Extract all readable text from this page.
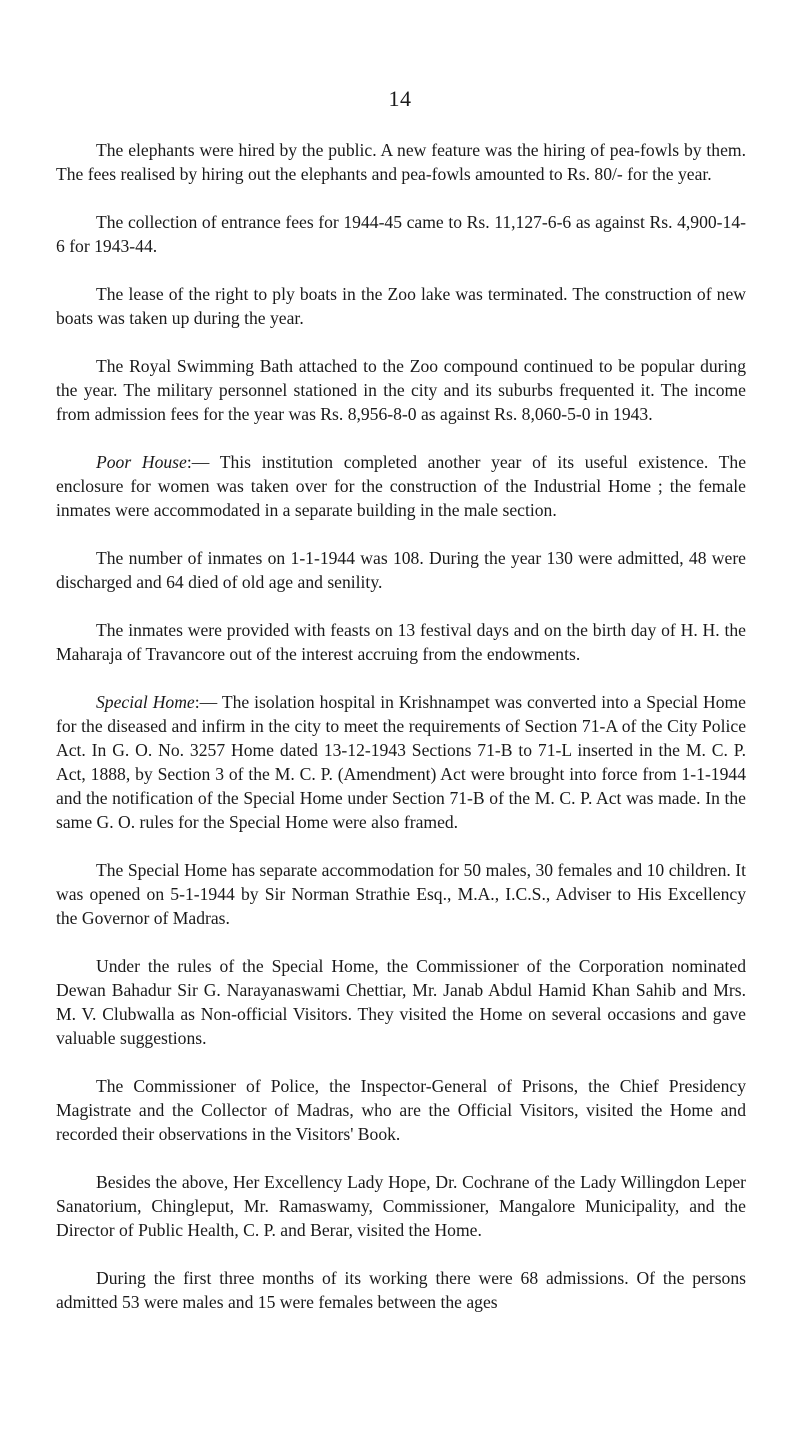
14

The elephants were hired by the public. A new feature was the hiring of pea-fowls by them. The fees realised by hiring out the elephants and pea-fowls amounted to Rs. 80/- for the year.

The collection of entrance fees for 1944-45 came to Rs. 11,127-6-6 as against Rs. 4,900-14-6 for 1943-44.

The lease of the right to ply boats in the Zoo lake was terminated. The construction of new boats was taken up during the year.

The Royal Swimming Bath attached to the Zoo compound continued to be popular during the year. The military personnel stationed in the city and its suburbs frequented it. The income from admission fees for the year was Rs. 8,956-8-0 as against Rs. 8,060-5-0 in 1943.

Poor House:— This institution completed another year of its useful existence. The enclosure for women was taken over for the construction of the Industrial Home ; the female inmates were accommodated in a separate building in the male section.

The number of inmates on 1-1-1944 was 108. During the year 130 were admitted, 48 were discharged and 64 died of old age and senility.

The inmates were provided with feasts on 13 festival days and on the birth day of H. H. the Maharaja of Travancore out of the interest accruing from the endowments.

Special Home:— The isolation hospital in Krishnampet was converted into a Special Home for the diseased and infirm in the city to meet the requirements of Section 71-A of the City Police Act. In G. O. No. 3257 Home dated 13-12-1943 Sections 71-B to 71-L inserted in the M. C. P. Act, 1888, by Section 3 of the M. C. P. (Amendment) Act were brought into force from 1-1-1944 and the notification of the Special Home under Section 71-B of the M. C. P. Act was made. In the same G. O. rules for the Special Home were also framed.

The Special Home has separate accommodation for 50 males, 30 females and 10 children. It was opened on 5-1-1944 by Sir Norman Strathie Esq., M.A., I.C.S., Adviser to His Excellency the Governor of Madras.

Under the rules of the Special Home, the Commissioner of the Corporation nominated Dewan Bahadur Sir G. Narayanaswami Chettiar, Mr. Janab Abdul Hamid Khan Sahib and Mrs. M. V. Clubwalla as Non-official Visitors. They visited the Home on several occasions and gave valuable suggestions.

The Commissioner of Police, the Inspector-General of Prisons, the Chief Presidency Magistrate and the Collector of Madras, who are the Official Visitors, visited the Home and recorded their observations in the Visitors' Book.

Besides the above, Her Excellency Lady Hope, Dr. Cochrane of the Lady Willingdon Leper Sanatorium, Chingleput, Mr. Ramaswamy, Commissioner, Mangalore Municipality, and the Director of Public Health, C. P. and Berar, visited the Home.

During the first three months of its working there were 68 admissions. Of the persons admitted 53 were males and 15 were females between the ages
